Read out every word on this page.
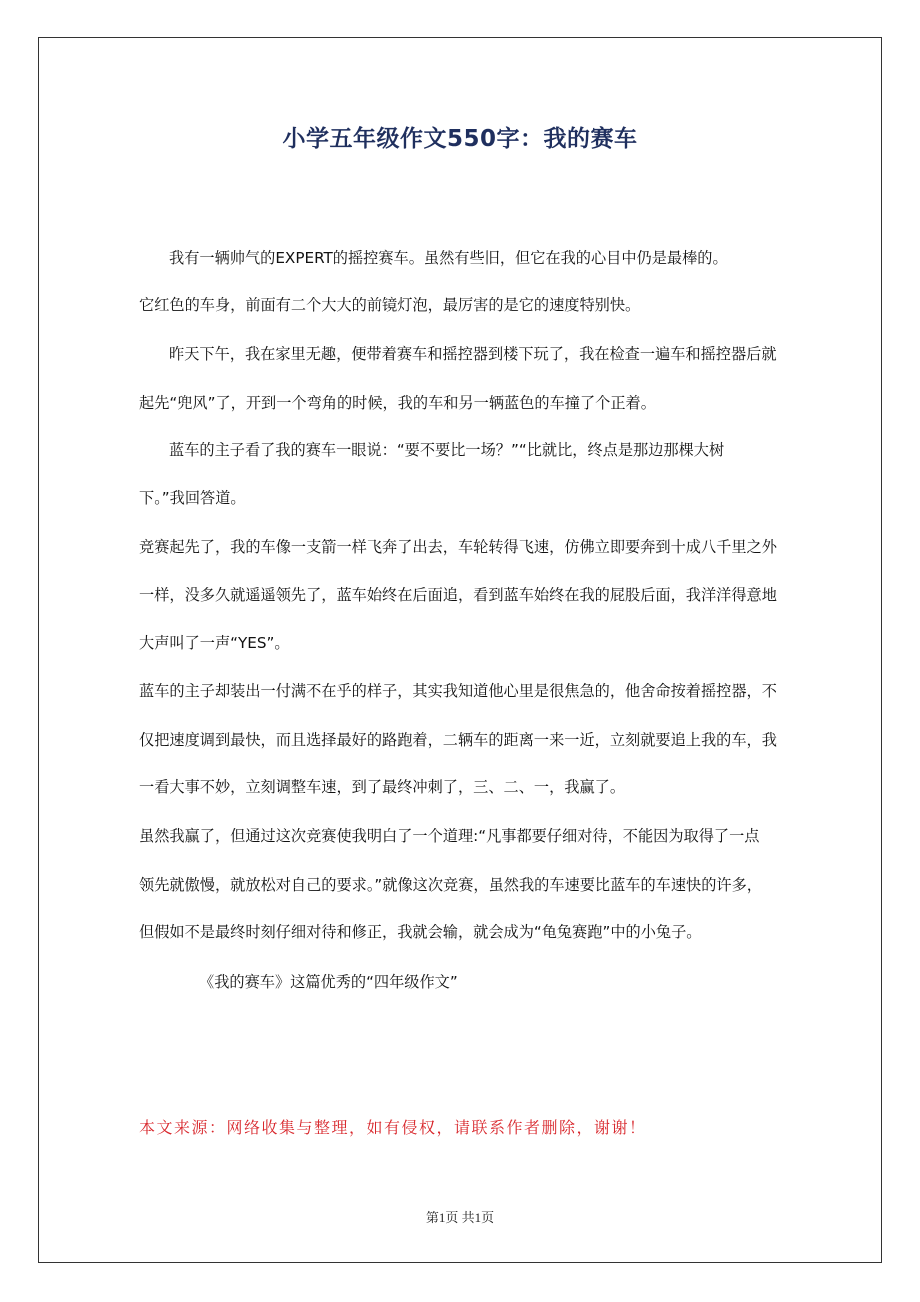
小学五年级作文550字：我的赛车
我有一辆帅气的EXPERT的摇控赛车。虽然有些旧，但它在我的心目中仍是最棒的。
它红色的车身，前面有二个大大的前镜灯泡，最厉害的是它的速度特别快。
昨天下午，我在家里无趣，便带着赛车和摇控器到楼下玩了，我在检查一遍车和摇控器后就
起先“兜风”了，开到一个弯角的时候，我的车和另一辆蓝色的车撞了个正着。
蓝车的主子看了我的赛车一眼说：“要不要比一场？”“比就比，终点是那边那棵大树
下。”我回答道。
竞赛起先了，我的车像一支箭一样飞奔了出去，车轮转得飞速，仿佛立即要奔到十成八千里之外
一样，没多久就遥遥领先了，蓝车始终在后面追，看到蓝车始终在我的屁股后面，我洋洋得意地
大声叫了一声“YES”。
蓝车的主子却装出一付满不在乎的样子，其实我知道他心里是很焦急的，他舍命按着摇控器，不
仅把速度调到最快，而且选择最好的路跑着，二辆车的距离一来一近，立刻就要追上我的车，我
一看大事不妙，立刻调整车速，到了最终冲刺了，三、二、一，我赢了。
虽然我赢了，但通过这次竞赛使我明白了一个道理:“凡事都要仔细对待，不能因为取得了一点
领先就傲慢，就放松对自己的要求。”就像这次竞赛，虽然我的车速要比蓝车的车速快的许多，
但假如不是最终时刻仔细对待和修正，我就会输，就会成为“龟兔赛跑”中的小兔子。
《我的赛车》这篇优秀的“四年级作文”
本文来源：网络收集与整理，如有侵权，请联系作者删除，谢谢！
第1页 共1页
